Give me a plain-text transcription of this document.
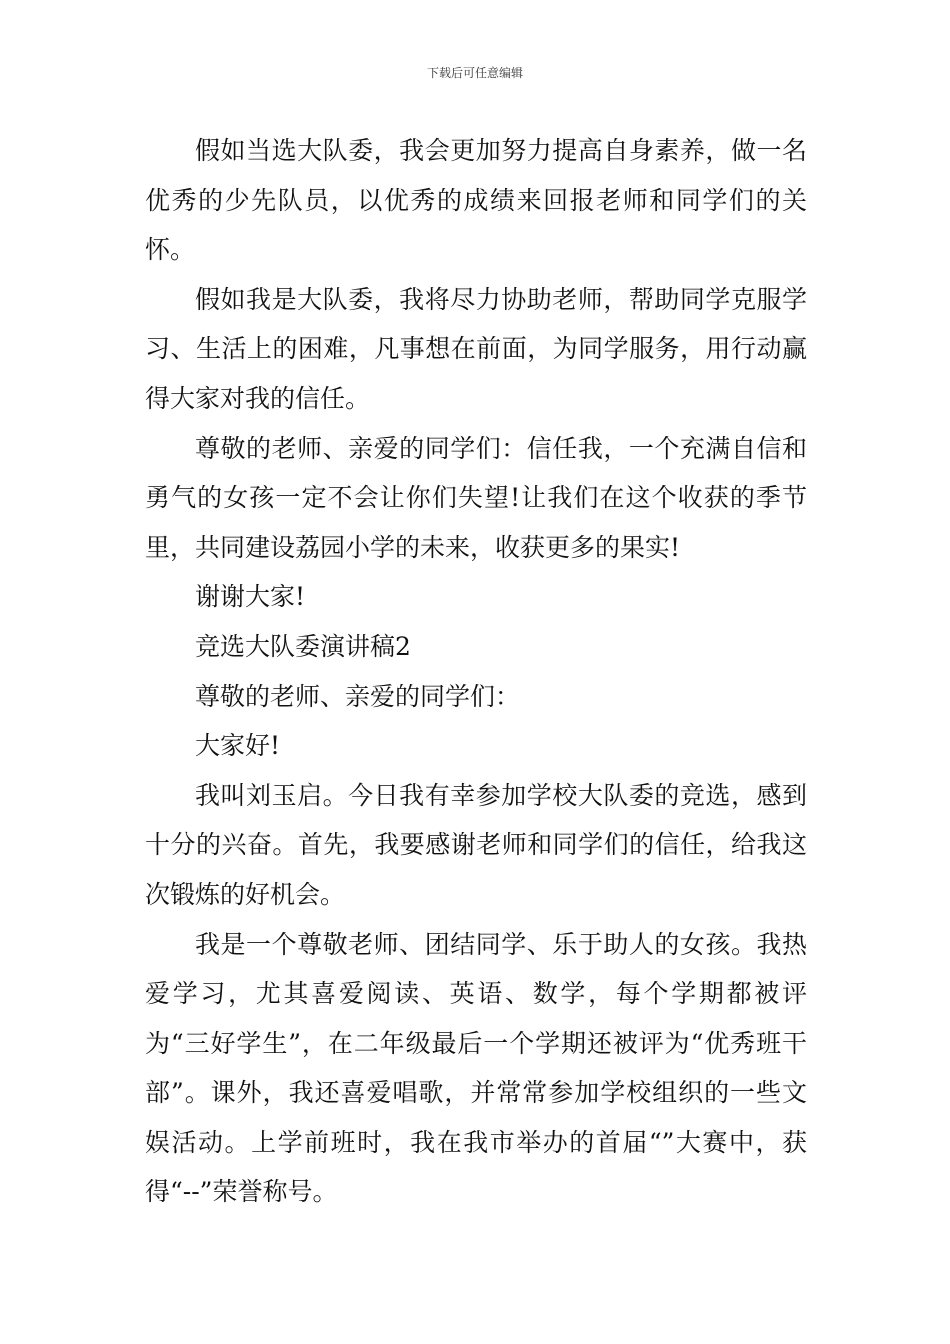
下载后可任意编辑

假如当选大队委，我会更加努力提高自身素养，做一名优秀的少先队员，以优秀的成绩来回报老师和同学们的关怀。

假如我是大队委，我将尽力协助老师，帮助同学克服学习、生活上的困难，凡事想在前面，为同学服务，用行动赢得大家对我的信任。

尊敬的老师、亲爱的同学们：信任我，一个充满自信和勇气的女孩一定不会让你们失望!让我们在这个收获的季节里，共同建设荔园小学的未来，收获更多的果实!

谢谢大家!

竞选大队委演讲稿2

尊敬的老师、亲爱的同学们：

大家好!

我叫刘玉启。今日我有幸参加学校大队委的竞选，感到十分的兴奋。首先，我要感谢老师和同学们的信任，给我这次锻炼的好机会。

我是一个尊敬老师、团结同学、乐于助人的女孩。我热爱学习，尤其喜爱阅读、英语、数学，每个学期都被评为“三好学生”，在二年级最后一个学期还被评为“优秀班干部”。课外，我还喜爱唱歌，并常常参加学校组织的一些文娱活动。上学前班时，我在我市举办的首届“”大赛中，获得“--”荣誉称号。
